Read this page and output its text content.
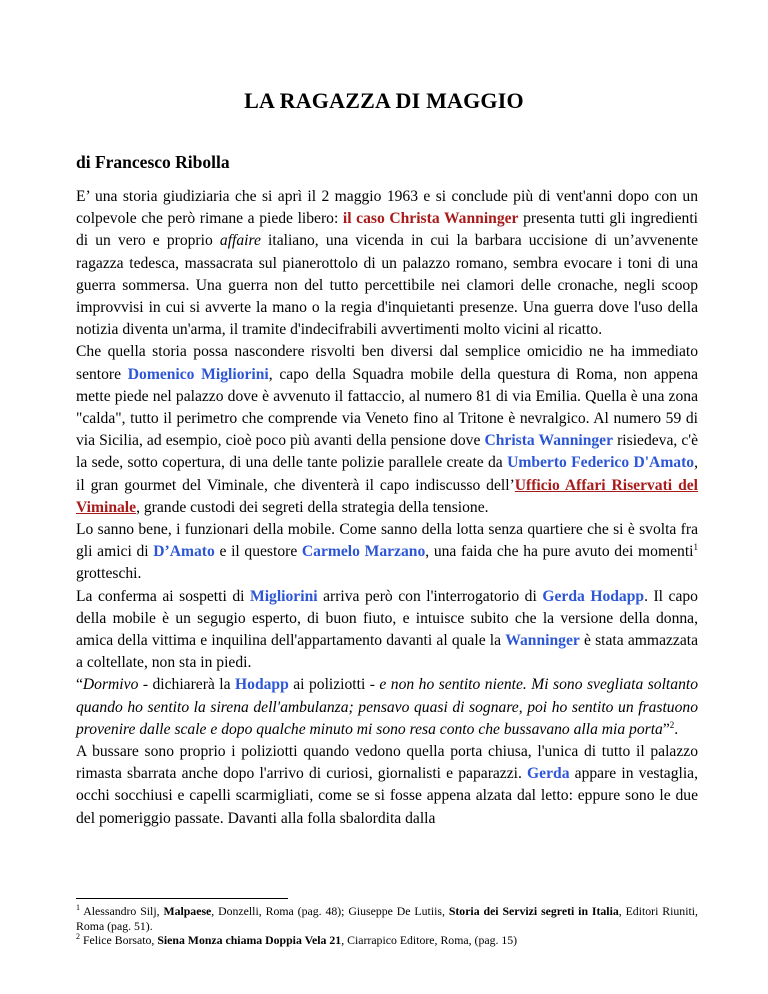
LA RAGAZZA DI MAGGIO
di Francesco Ribolla

E’ una storia giudiziaria che si aprì il 2 maggio 1963 e si conclude più di vent'anni dopo con un colpevole che però rimane a piede libero: il caso Christa Wanninger presenta tutti gli ingredienti di un vero e proprio affaire italiano, una vicenda in cui la barbara uccisione di un’avvenente ragazza tedesca, massacrata sul pianerottolo di un palazzo romano, sembra evocare i toni di una guerra sommersa. Una guerra non del tutto percettibile nei clamori delle cronache, negli scoop improvvisi in cui si avverte la mano o la regia d'inquietanti presenze. Una guerra dove l'uso della notizia diventa un'arma, il tramite d'indecifrabili avvertimenti molto vicini al ricatto.

Che quella storia possa nascondere risvolti ben diversi dal semplice omicidio ne ha immediato sentore Domenico Migliorini, capo della Squadra mobile della questura di Roma, non appena mette piede nel palazzo dove è avvenuto il fattaccio, al numero 81 di via Emilia. Quella è una zona "calda", tutto il perimetro che comprende via Veneto fino al Tritone è nevralgico. Al numero 59 di via Sicilia, ad esempio, cioè poco più avanti della pensione dove Christa Wanninger risiedeva, c'è la sede, sotto copertura, di una delle tante polizie parallele create da Umberto Federico D'Amato, il gran gourmet del Viminale, che diventerà il capo indiscusso dell’Ufficio Affari Riservati del Viminale, grande custodi dei segreti della strategia della tensione.

Lo sanno bene, i funzionari della mobile. Come sanno della lotta senza quartiere che si è svolta fra gli amici di D’Amato e il questore Carmelo Marzano, una faida che ha pure avuto dei momenti$^1$ grotteschi.

La conferma ai sospetti di Migliorini arriva però con l'interrogatorio di Gerda Hodapp. Il capo della mobile è un segugio esperto, di buon fiuto, e intuisce subito che la versione della donna, amica della vittima e inquilina dell'appartamento davanti al quale la Wanninger è stata ammazzata a coltellate, non sta in piedi.

“Dormivo - dichiarerà la Hodapp ai poliziotti - e non ho sentito niente. Mi sono svegliata soltanto quando ho sentito la sirena dell'ambulanza; pensavo quasi di sognare, poi ho sentito un frastuono provenire dalle scale e dopo qualche minuto mi sono resa conto che bussavano alla mia porta”$^2$.

A bussare sono proprio i poliziotti quando vedono quella porta chiusa, l'unica di tutto il palazzo rimasta sbarrata anche dopo l'arrivo di curiosi, giornalisti e paparazzi. Gerda appare in vestaglia, occhi socchiusi e capelli scarmigliati, come se si fosse appena alzata dal letto: eppure sono le due del pomeriggio passate. Davanti alla folla sbalordita dalla

$^1$ Alessandro Silj, Malpaese, Donzelli, Roma (pag. 48); Giuseppe De Lutiis, Storia dei Servizi segreti in Italia, Editori Riuniti, Roma (pag. 51).

$^2$ Felice Borsato, Siena Monza chiama Doppia Vela 21, Ciarrapico Editore, Roma, (pag. 15)
